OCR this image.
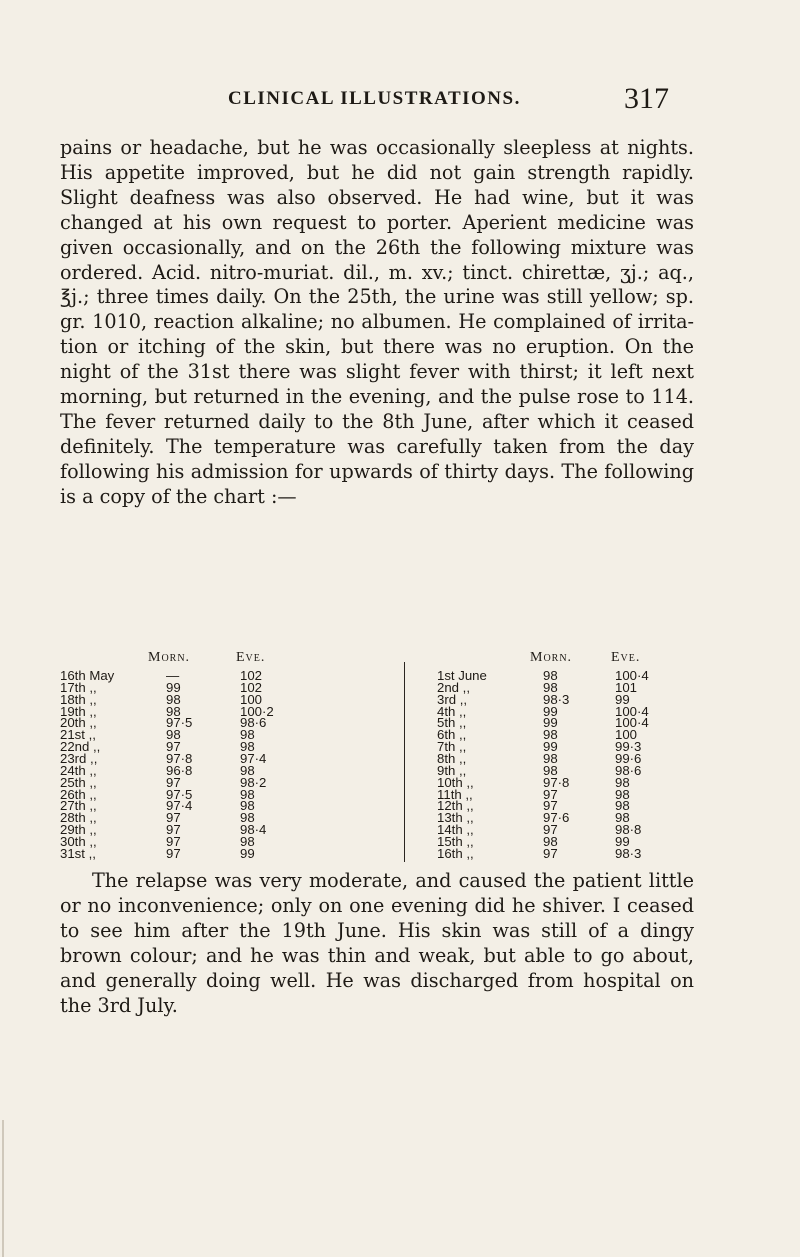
CLINICAL ILLUSTRATIONS.	317

pains or headache, but he was occasionally sleepless at nights. His appetite improved, but he did not gain strength rapidly. Slight deafness was also observed. He had wine, but it was changed at his own request to porter. Aperient medicine was given occasionally, and on the 26th the following mixture was ordered. Acid. nitro-muriat. dil., m. xv.; tinct. chirettæ, ʒj.; aq., ℥j.; three times daily. On the 25th, the urine was still yellow; sp. gr. 1010, reaction alkaline; no albumen. He complained of irrita-tion or itching of the skin, but there was no eruption. On the night of the 31st there was slight fever with thirst; it left next morning, but returned in the evening, and the pulse rose to 114. The fever returned daily to the 8th June, after which it ceased definitely. The temperature was carefully taken from the day following his admission for upwards of thirty days. The following is a copy of the chart :—

Morn.	Eve.	Morn.	Eve.
16th May	—	102
17th ,,	99	102
18th ,,	98	100
19th ,,	98	100·2
20th ,,	97·5	98·6
21st ,,	98	98
22nd ,,	97	98
23rd ,,	97·8	97·4
24th ,,	96·8	98
25th ,,	97	98·2
26th ,,	97·5	98
27th ,,	97·4	98
28th ,,	97	98
29th ,,	97	98·4
30th ,,	97	98
31st ,,	97	99
1st June	98	100·4
2nd ,,	98	101
3rd ,,	98·3	99
4th ,,	99	100·4
5th ,,	99	100·4
6th ,,	98	100
7th ,,	99	99·3
8th ,,	98	99·6
9th ,,	98	98·6
10th ,,	97·8	98
11th ,,	97	98
12th ,,	97	98
13th ,,	97·6	98
14th ,,	97	98·8
15th ,,	98	99
16th ,,	97	98·3

The relapse was very moderate, and caused the patient little or no inconvenience; only on one evening did he shiver. I ceased to see him after the 19th June. His skin was still of a dingy brown colour; and he was thin and weak, but able to go about, and generally doing well. He was discharged from hospital on the 3rd July.
